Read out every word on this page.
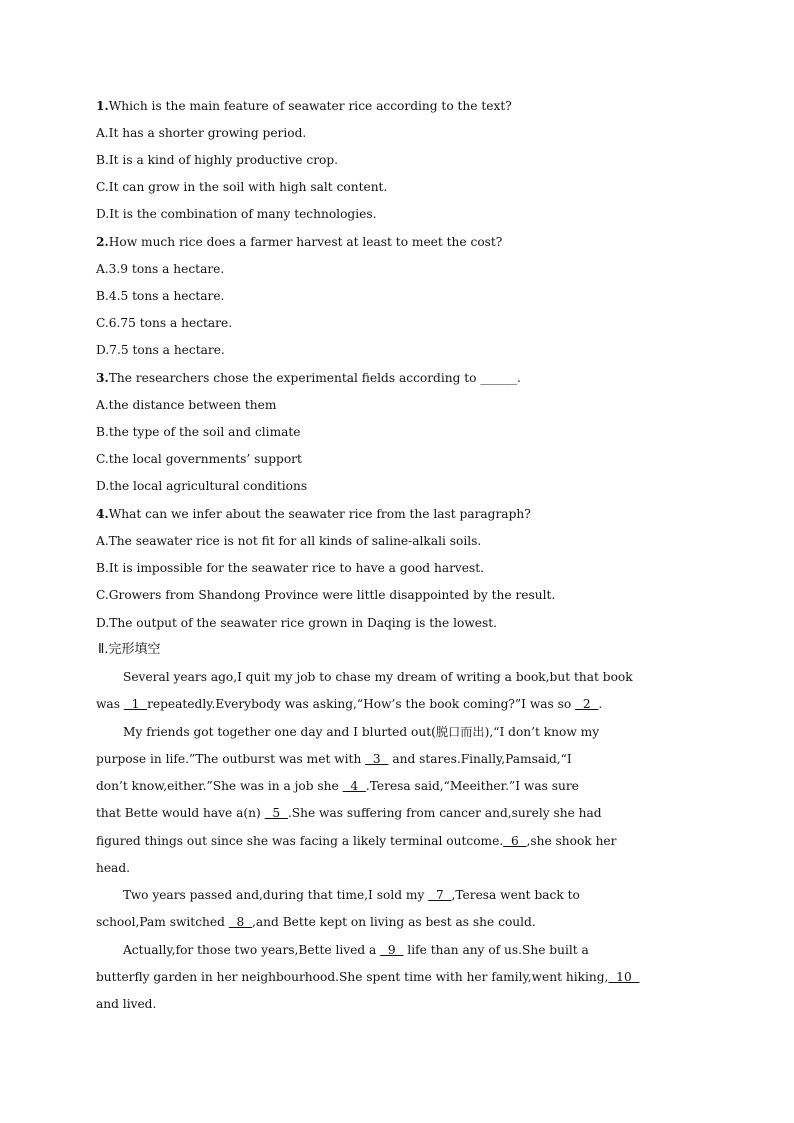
1.Which is the main feature of seawater rice according to the text?
A.It has a shorter growing period.
B.It is a kind of highly productive crop.
C.It can grow in the soil with high salt content.
D.It is the combination of many technologies.
2.How much rice does a farmer harvest at least to meet the cost?
A.3.9 tons a hectare.
B.4.5 tons a hectare.
C.6.75 tons a hectare.
D.7.5 tons a hectare.
3.The researchers chose the experimental fields according to ______.
A.the distance between them
B.the type of the soil and climate
C.the local governments’ support
D.the local agricultural conditions
4.What can we infer about the seawater rice from the last paragraph?
A.The seawater rice is not fit for all kinds of saline-alkali soils.
B.It is impossible for the seawater rice to have a good harvest.
C.Growers from Shandong Province were little disappointed by the result.
D.The output of the seawater rice grown in Daqing is the lowest.
Ⅱ.完形填空
Several years ago,I quit my job to chase my dream of writing a book,but that book
was   1  repeatedly.Everybody was asking,“How’s the book coming?”I was so   2  .
My friends got together one day and I blurted out(脱口而出),“I don’t know my
purpose in life.”The outburst was met with   3   and stares.Finally,Pamsaid,“I
don’t know,either.”She was in a job she   4  .Teresa said,“Meeither.”I was sure
that Bette would have a(n)   5  .She was suffering from cancer and,surely she had
figured things out since she was facing a likely terminal outcome.  6  ,she shook her
head.
Two years passed and,during that time,I sold my   7  ,Teresa went back to
school,Pam switched   8  ,and Bette kept on living as best as she could.
Actually,for those two years,Bette lived a   9   life than any of us.She built a
butterfly garden in her neighbourhood.She spent time with her family,went hiking,  10
and lived.
